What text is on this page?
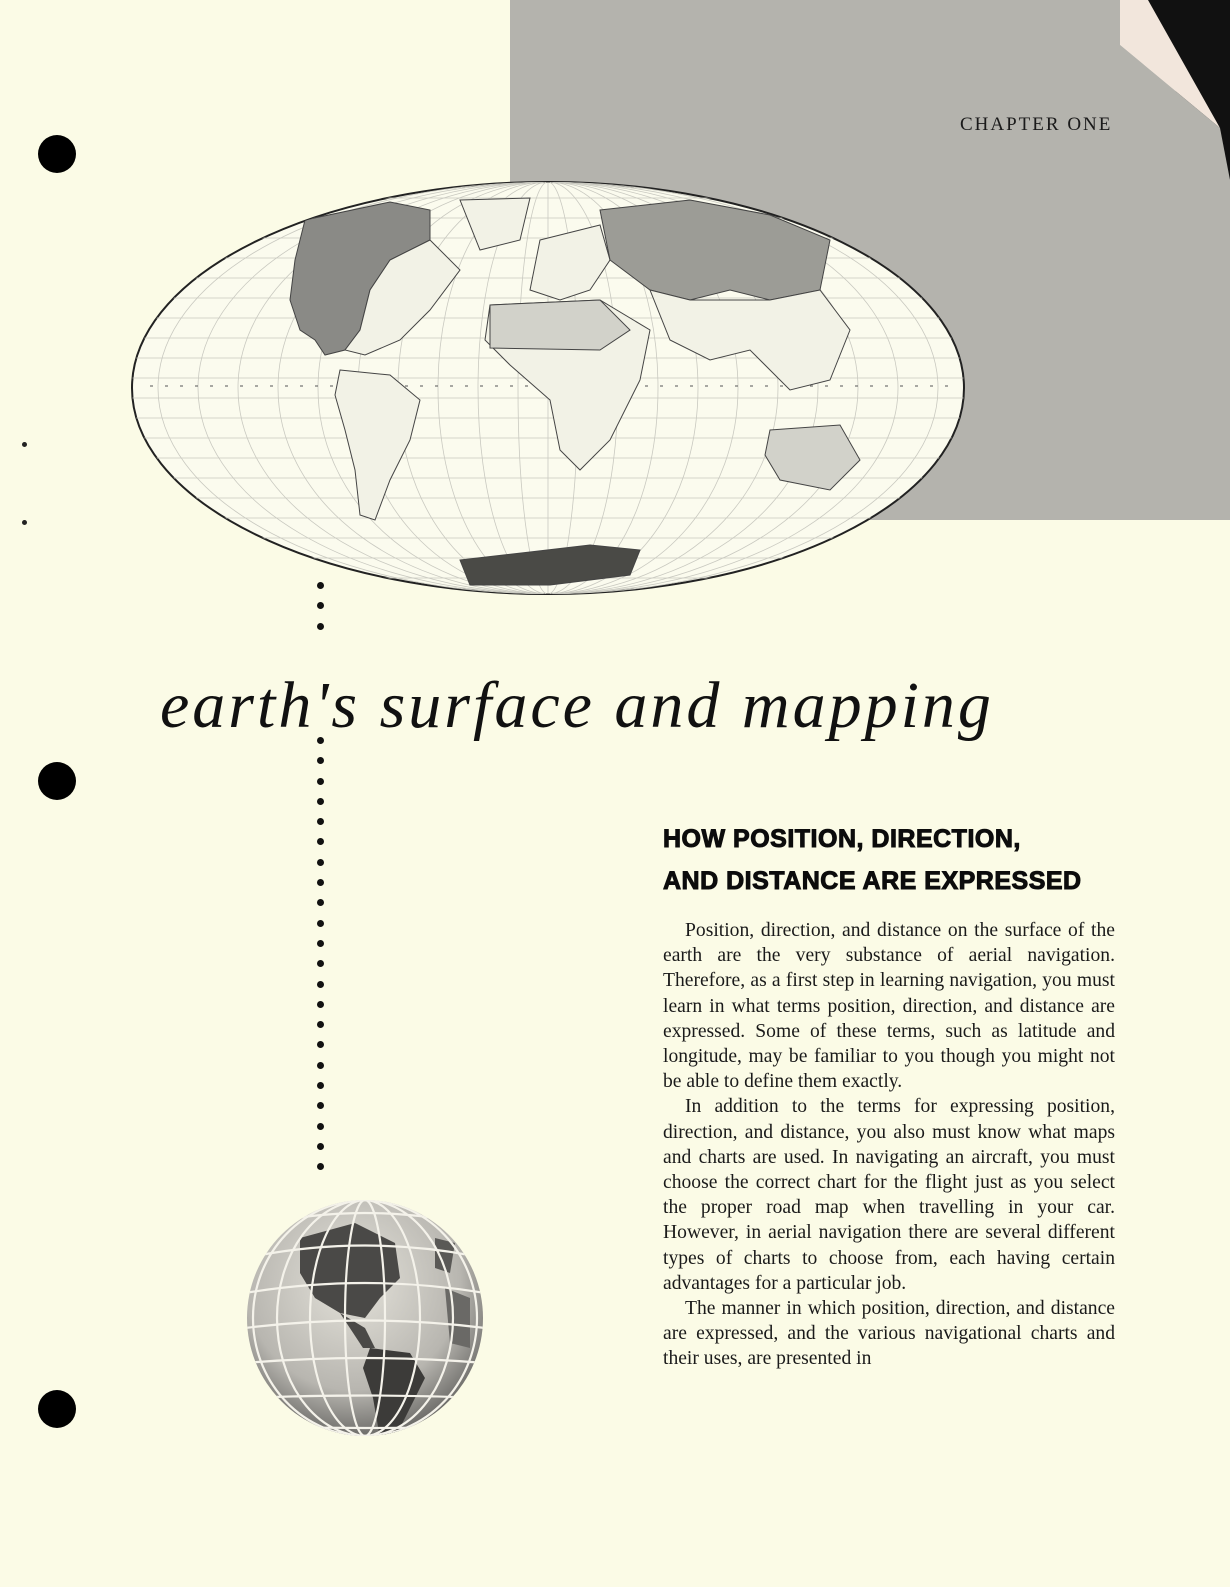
CHAPTER ONE
earth's surface and mapping
HOW POSITION, DIRECTION,
AND DISTANCE ARE EXPRESSED

Position, direction, and distance on the surface of the earth are the very substance of aerial navigation. Therefore, as a first step in learning navigation, you must learn in what terms position, direction, and distance are expressed. Some of these terms, such as latitude and longitude, may be familiar to you though you might not be able to define them exactly.

In addition to the terms for expressing position, direction, and distance, you also must know what maps and charts are used. In navigating an aircraft, you must choose the correct chart for the flight just as you select the proper road map when travelling in your car. However, in aerial navigation there are several different types of charts to choose from, each having certain advantages for a particular job.

The manner in which position, direction, and distance are expressed, and the various navigational charts and their uses, are presented in
